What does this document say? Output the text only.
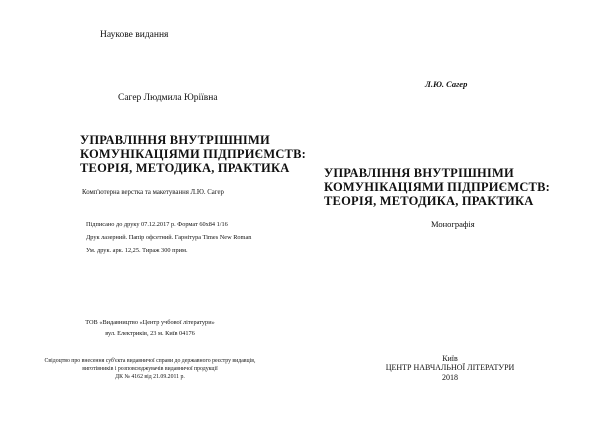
Наукове видання

Сагер Людмила Юріївна

УПРАВЛІННЯ ВНУТРІШНІМИ

КОМУНІКАЦІЯМИ ПІДПРИЄМСТВ:

ТЕОРІЯ, МЕТОДИКА, ПРАКТИКА

Комп'ютерна верстка та макетування Л.Ю. Сагер

Підписано до друку 07.12.2017 р. Формат 60х84 1/16

Друк лазерний. Папір офсетний. Гарнітура Times New Roman

Ум. друк. арк. 12,25. Тираж 300 прим.

ТОВ «Видавництво «Центр учбової літератури»

вул. Електриків, 23 м. Київ 04176

Свідоцтво про внесення суб'єкта видавничої справи до державного реєстру видавців,

виготівників і розповсюджувачів видавничої продукції

ДК № 4162 від 21.09.2011 р.

Л.Ю. Сагер

УПРАВЛІННЯ ВНУТРІШНІМИ

КОМУНІКАЦІЯМИ ПІДПРИЄМСТВ:

ТЕОРІЯ, МЕТОДИКА, ПРАКТИКА

Монографія

Київ

ЦЕНТР НАВЧАЛЬНОЇ ЛІТЕРАТУРИ

2018
